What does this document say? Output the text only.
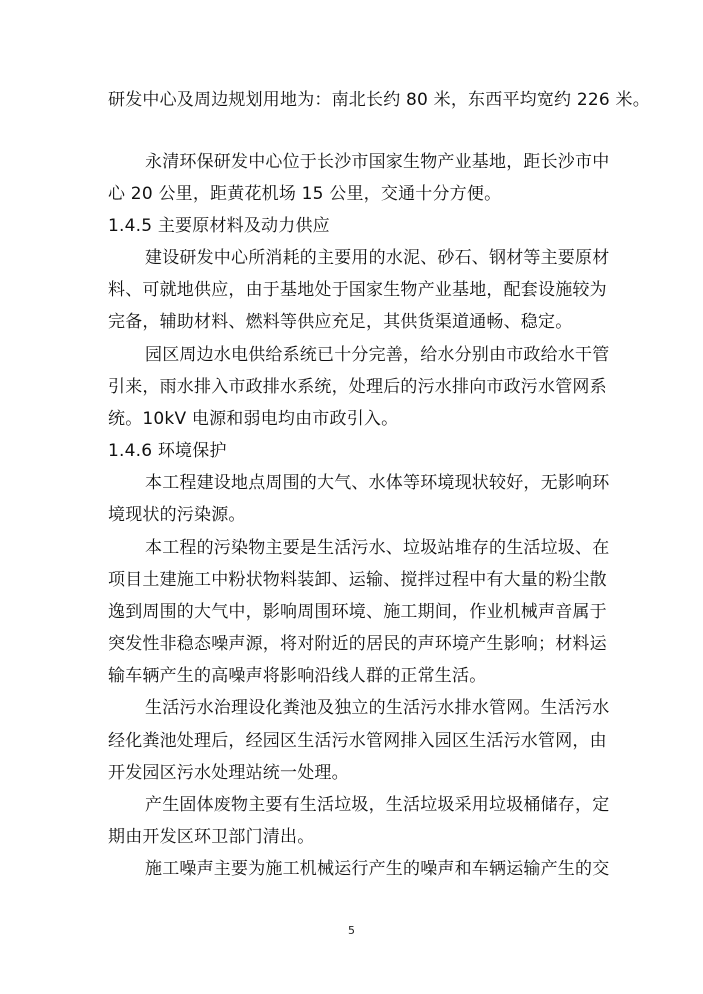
研发中心及周边规划用地为：南北长约 80 米，东西平均宽约 226 米。
永清环保研发中心位于长沙市国家生物产业基地，距长沙市中
心 20 公里，距黄花机场 15 公里，交通十分方便。
1.4.5 主要原材料及动力供应
建设研发中心所消耗的主要用的水泥、砂石、钢材等主要原材
料、可就地供应，由于基地处于国家生物产业基地，配套设施较为
完备，辅助材料、燃料等供应充足，其供货渠道通畅、稳定。
园区周边水电供给系统已十分完善，给水分别由市政给水干管
引来，雨水排入市政排水系统，处理后的污水排向市政污水管网系
统。10kV 电源和弱电均由市政引入。
1.4.6 环境保护
本工程建设地点周围的大气、水体等环境现状较好，无影响环
境现状的污染源。
本工程的污染物主要是生活污水、垃圾站堆存的生活垃圾、在
项目土建施工中粉状物料装卸、运输、搅拌过程中有大量的粉尘散
逸到周围的大气中，影响周围环境、施工期间，作业机械声音属于
突发性非稳态噪声源，将对附近的居民的声环境产生影响；材料运
输车辆产生的高噪声将影响沿线人群的正常生活。
生活污水治理设化粪池及独立的生活污水排水管网。生活污水
经化粪池处理后，经园区生活污水管网排入园区生活污水管网，由
开发园区污水处理站统一处理。
产生固体废物主要有生活垃圾，生活垃圾采用垃圾桶储存，定
期由开发区环卫部门清出。
施工噪声主要为施工机械运行产生的噪声和车辆运输产生的交
5
